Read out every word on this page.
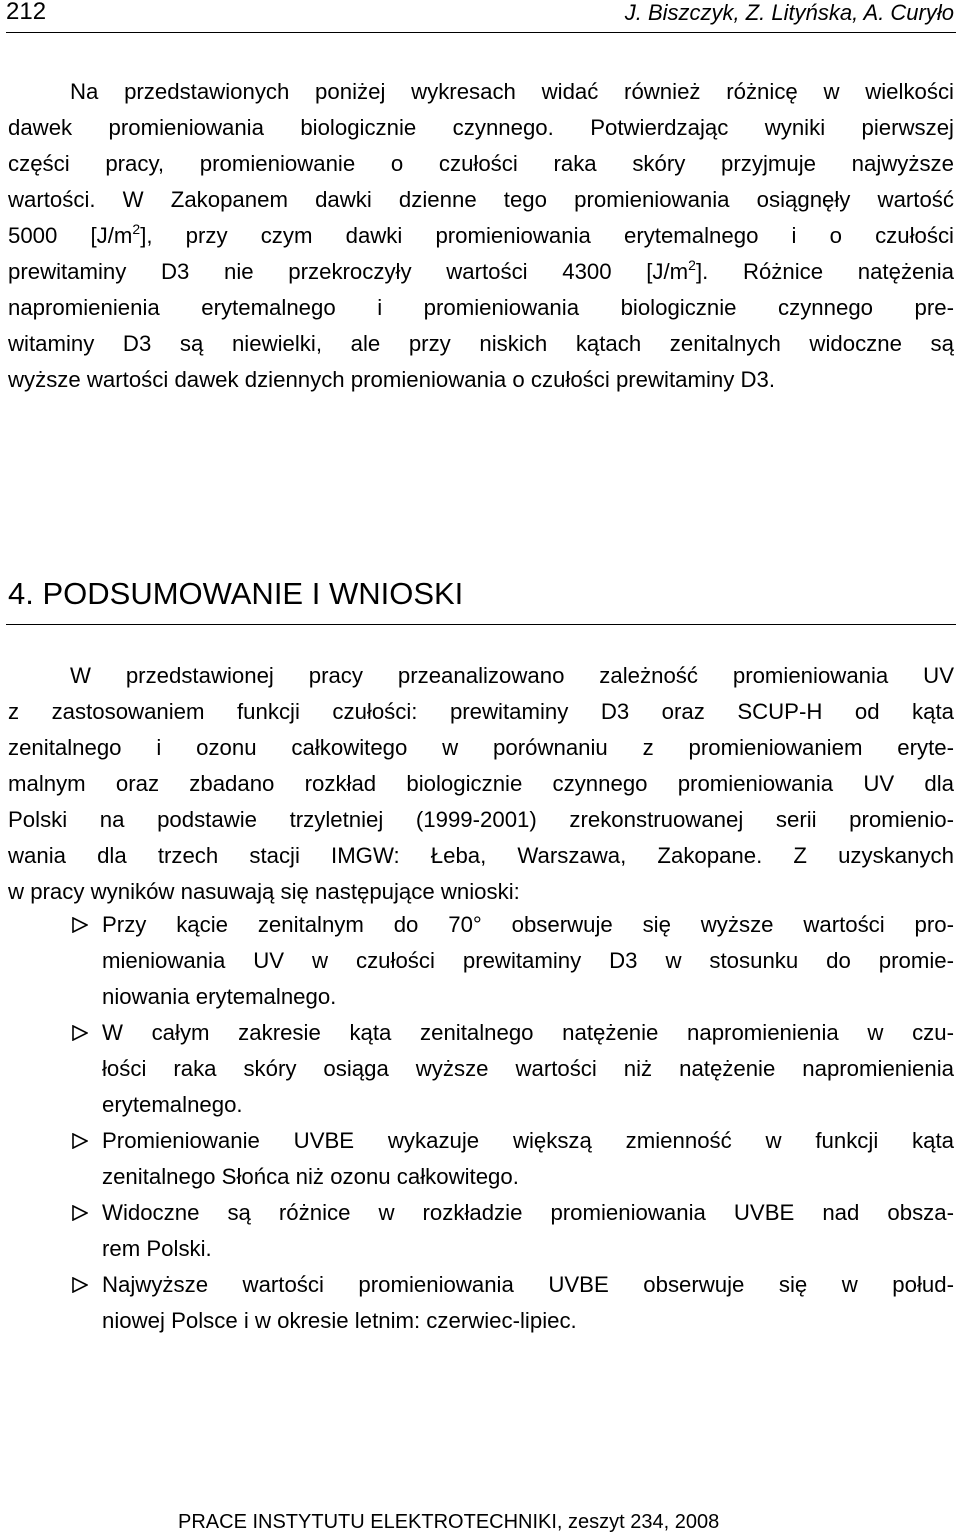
212	J. Biszczyk, Z. Lityńska, A. Curyło
Na przedstawionych poniżej wykresach widać również różnicę w wielkości
dawek promieniowania biologicznie czynnego. Potwierdzając wyniki pierwszej
części pracy, promieniowanie o czułości raka skóry przyjmuje najwyższe
wartości. W Zakopanem dawki dzienne tego promieniowania osiągnęły wartość
5000 $[J/m^2]$, przy czym dawki promieniowania erytemalnego i o czułości
prewitaminy D3 nie przekroczyły wartości 4300 $[J/m^2]$. Różnice natężenia
napromienienia erytemalnego i promieniowania biologicznie czynnego pre-
witaminy D3 są niewielki, ale przy niskich kątach zenitalnych widoczne są
wyższe wartości dawek dziennych promieniowania o czułości prewitaminy D3.
4. PODSUMOWANIE I WNIOSKI
W przedstawionej pracy przeanalizowano zależność promieniowania UV
z zastosowaniem funkcji czułości: prewitaminy D3 oraz SCUP-H od kąta
zenitalnego i ozonu całkowitego w porównaniu z promieniowaniem eryte-
malnym oraz zbadano rozkład biologicznie czynnego promieniowania UV dla
Polski na podstawie trzyletniej (1999-2001) zrekonstruowanej serii promienio-
wania dla trzech stacji IMGW: Łeba, Warszawa, Zakopane. Z uzyskanych
w pracy wyników nasuwają się następujące wnioski:
Przy kącie zenitalnym do 70° obserwuje się wyższe wartości pro-
mieniowania UV w czułości prewitaminy D3 w stosunku do promie-
niowania erytemalnego.
W całym zakresie kąta zenitalnego natężenie napromienienia w czu-
łości raka skóry osiąga wyższe wartości niż natężenie napromienienia
erytemalnego.
Promieniowanie UVBE wykazuje większą zmienność w funkcji kąta
zenitalnego Słońca niż ozonu całkowitego.
Widoczne są różnice w rozkładzie promieniowania UVBE nad obsza-
rem Polski.
Najwyższe wartości promieniowania UVBE obserwuje się w połud-
niowej Polsce i w okresie letnim: czerwiec-lipiec.
PRACE INSTYTUTU ELEKTROTECHNIKI, zeszyt 234, 2008
